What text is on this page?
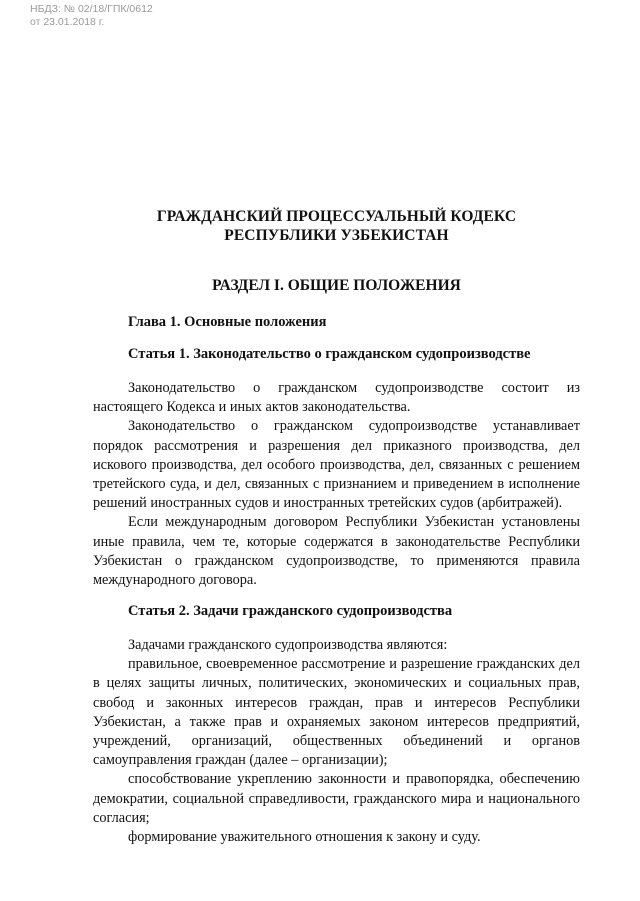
НБДЗ: № 02/18/ГПК/0612
от 23.01.2018 г.
ГРАЖДАНСКИЙ ПРОЦЕССУАЛЬНЫЙ КОДЕКС
РЕСПУБЛИКИ УЗБЕКИСТАН
РАЗДЕЛ I. ОБЩИЕ ПОЛОЖЕНИЯ
Глава 1. Основные положения
Статья 1. Законодательство о гражданском судопроизводстве

Законодательство о гражданском судопроизводстве состоит из настоящего Кодекса и иных актов законодательства.

Законодательство о гражданском судопроизводстве устанавливает порядок рассмотрения и разрешения дел приказного производства, дел искового производства, дел особого производства, дел, связанных с решением третейского суда, и дел, связанных с признанием и приведением в исполнение решений иностранных судов и иностранных третейских судов (арбитражей).

Если международным договором Республики Узбекистан установлены иные правила, чем те, которые содержатся в законодательстве Республики Узбекистан о гражданском судопроизводстве, то применяются правила международного договора.

Статья 2. Задачи гражданского судопроизводства

Задачами гражданского судопроизводства являются:

правильное, своевременное рассмотрение и разрешение гражданских дел в целях защиты личных, политических, экономических и социальных прав, свобод и законных интересов граждан, прав и интересов Республики Узбекистан, а также прав и охраняемых законом интересов предприятий, учреждений, организаций, общественных объединений и органов самоуправления граждан (далее – организации);

способствование укреплению законности и правопорядка, обеспечению демократии, социальной справедливости, гражданского мира и национального согласия;

формирование уважительного отношения к закону и суду.
